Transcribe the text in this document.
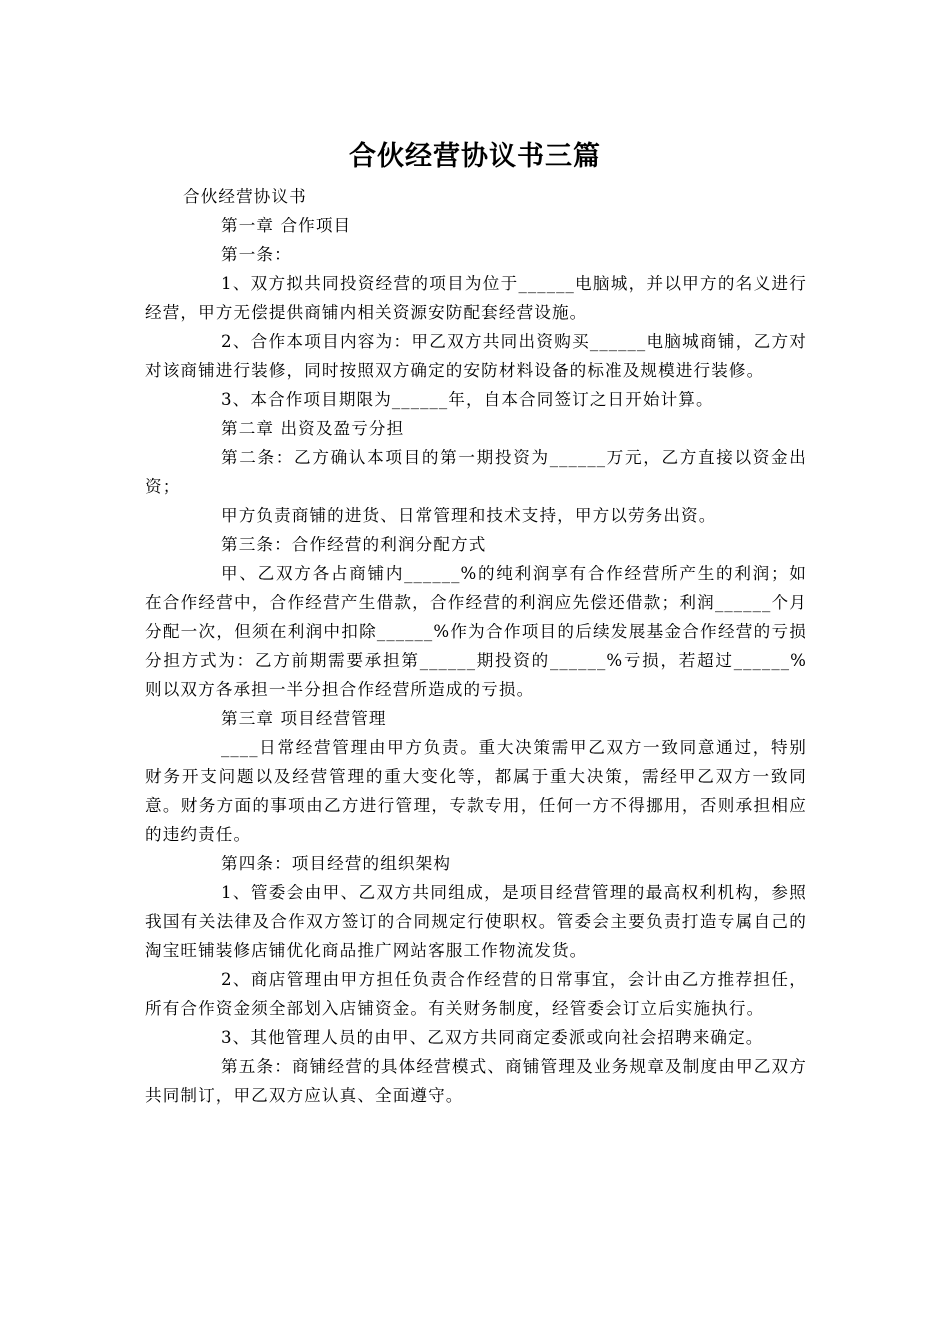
合伙经营协议书三篇

合伙经营协议书

第一章 合作项目

第一条：

1、双方拟共同投资经营的项目为位于______电脑城，并以甲方的名义进行经营，甲方无偿提供商铺内相关资源安防配套经营设施。

2、合作本项目内容为：甲乙双方共同出资购买______电脑城商铺，乙方对对该商铺进行装修，同时按照双方确定的安防材料设备的标准及规模进行装修。

3、本合作项目期限为______年，自本合同签订之日开始计算。

第二章 出资及盈亏分担

第二条：乙方确认本项目的第一期投资为______万元，乙方直接以资金出资；

甲方负责商铺的进货、日常管理和技术支持，甲方以劳务出资。

第三条：合作经营的利润分配方式

甲、乙双方各占商铺内______%的纯利润享有合作经营所产生的利润；如在合作经营中，合作经营产生借款，合作经营的利润应先偿还借款；利润______个月分配一次，但须在利润中扣除______%作为合作项目的后续发展基金合作经营的亏损分担方式为：乙方前期需要承担第______期投资的______%亏损，若超过______%则以双方各承担一半分担合作经营所造成的亏损。

第三章 项目经营管理

____日常经营管理由甲方负责。重大决策需甲乙双方一致同意通过，特别财务开支问题以及经营管理的重大变化等，都属于重大决策，需经甲乙双方一致同意。财务方面的事项由乙方进行管理，专款专用，任何一方不得挪用，否则承担相应的违约责任。

第四条：项目经营的组织架构

1、管委会由甲、乙双方共同组成，是项目经营管理的最高权利机构，参照我国有关法律及合作双方签订的合同规定行使职权。管委会主要负责打造专属自己的淘宝旺铺装修店铺优化商品推广网站客服工作物流发货。

2、商店管理由甲方担任负责合作经营的日常事宜，会计由乙方推荐担任，所有合作资金须全部划入店铺资金。有关财务制度，经管委会订立后实施执行。

3、其他管理人员的由甲、乙双方共同商定委派或向社会招聘来确定。

第五条：商铺经营的具体经营模式、商铺管理及业务规章及制度由甲乙双方共同制订，甲乙双方应认真、全面遵守。
